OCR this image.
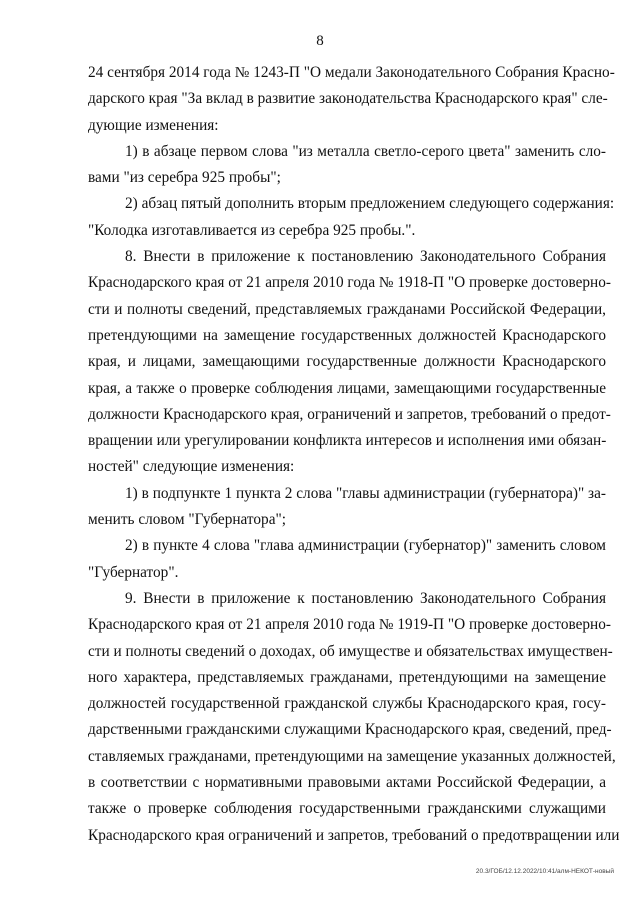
8
24 сентября 2014 года № 1243-П "О медали Законодательного Собрания Красно-
дарского края "За вклад в развитие законодательства Краснодарского края" сле-
дующие изменения:
1) в абзаце первом слова "из металла светло-серого цвета" заменить сло-
вами "из серебра 925 пробы";
2) абзац пятый дополнить вторым предложением следующего содержания:
"Колодка изготавливается из серебра 925 пробы.".
8. Внести в приложение к постановлению Законодательного Собрания
Краснодарского края от 21 апреля 2010 года № 1918-П "О проверке достоверно-
сти и полноты сведений, представляемых гражданами Российской Федерации,
претендующими на замещение государственных должностей Краснодарского
края, и лицами, замещающими государственные должности Краснодарского
края, а также о проверке соблюдения лицами, замещающими государственные
должности Краснодарского края, ограничений и запретов, требований о предот-
вращении или урегулировании конфликта интересов и исполнения ими обязан-
ностей" следующие изменения:
1) в подпункте 1 пункта 2 слова "главы администрации (губернатора)" за-
менить словом "Губернатора";
2) в пункте 4 слова "глава администрации (губернатор)" заменить словом
"Губернатор".
9. Внести в приложение к постановлению Законодательного Собрания
Краснодарского края от 21 апреля 2010 года № 1919-П "О проверке достоверно-
сти и полноты сведений о доходах, об имуществе и обязательствах имуществен-
ного характера, представляемых гражданами, претендующими на замещение
должностей государственной гражданской службы Краснодарского края, госу-
дарственными гражданскими служащими Краснодарского края, сведений, пред-
ставляемых гражданами, претендующими на замещение указанных должностей,
в соответствии с нормативными правовыми актами Российской Федерации, а
также о проверке соблюдения государственными гражданскими служащими
Краснодарского края ограничений и запретов, требований о предотвращении или
20.3/ГОБ/12.12.2022/10:41/алм-НЕКОТ-новый
